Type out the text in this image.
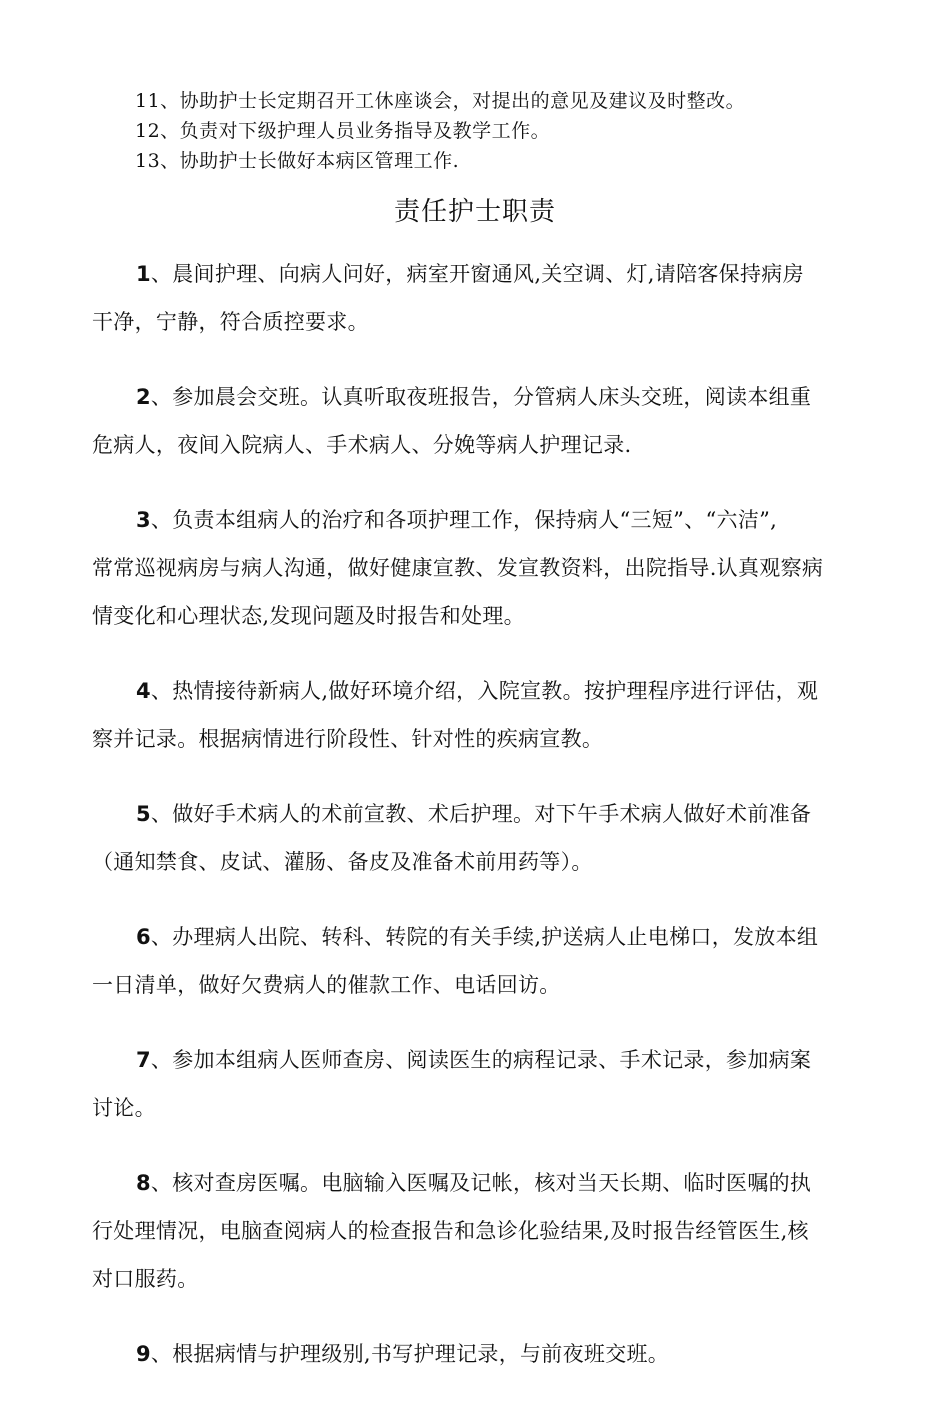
11、协助护士长定期召开工休座谈会，对提出的意见及建议及时整改。
12、负责对下级护理人员业务指导及教学工作。
13、协助护士长做好本病区管理工作.
责任护士职责
1、晨间护理、向病人问好，病室开窗通风,关空调、灯,请陪客保持病房
干净，宁静，符合质控要求。
2、参加晨会交班。认真听取夜班报告，分管病人床头交班，阅读本组重
危病人，夜间入院病人、手术病人、分娩等病人护理记录.
3、负责本组病人的治疗和各项护理工作，保持病人“三短”、“六洁”,
常常巡视病房与病人沟通，做好健康宣教、发宣教资料，出院指导.认真观察病
情变化和心理状态,发现问题及时报告和处理。
4、热情接待新病人,做好环境介绍，入院宣教。按护理程序进行评估，观
察并记录。根据病情进行阶段性、针对性的疾病宣教。
5、做好手术病人的术前宣教、术后护理。对下午手术病人做好术前准备
（通知禁食、皮试、灌肠、备皮及准备术前用药等）。
6、办理病人出院、转科、转院的有关手续,护送病人止电梯口，发放本组
一日清单，做好欠费病人的催款工作、电话回访。
7、参加本组病人医师查房、阅读医生的病程记录、手术记录，参加病案
讨论。
8、核对查房医嘱。电脑输入医嘱及记帐，核对当天长期、临时医嘱的执
行处理情况，电脑查阅病人的检查报告和急诊化验结果,及时报告经管医生,核
对口服药。
9、根据病情与护理级别,书写护理记录，与前夜班交班。
